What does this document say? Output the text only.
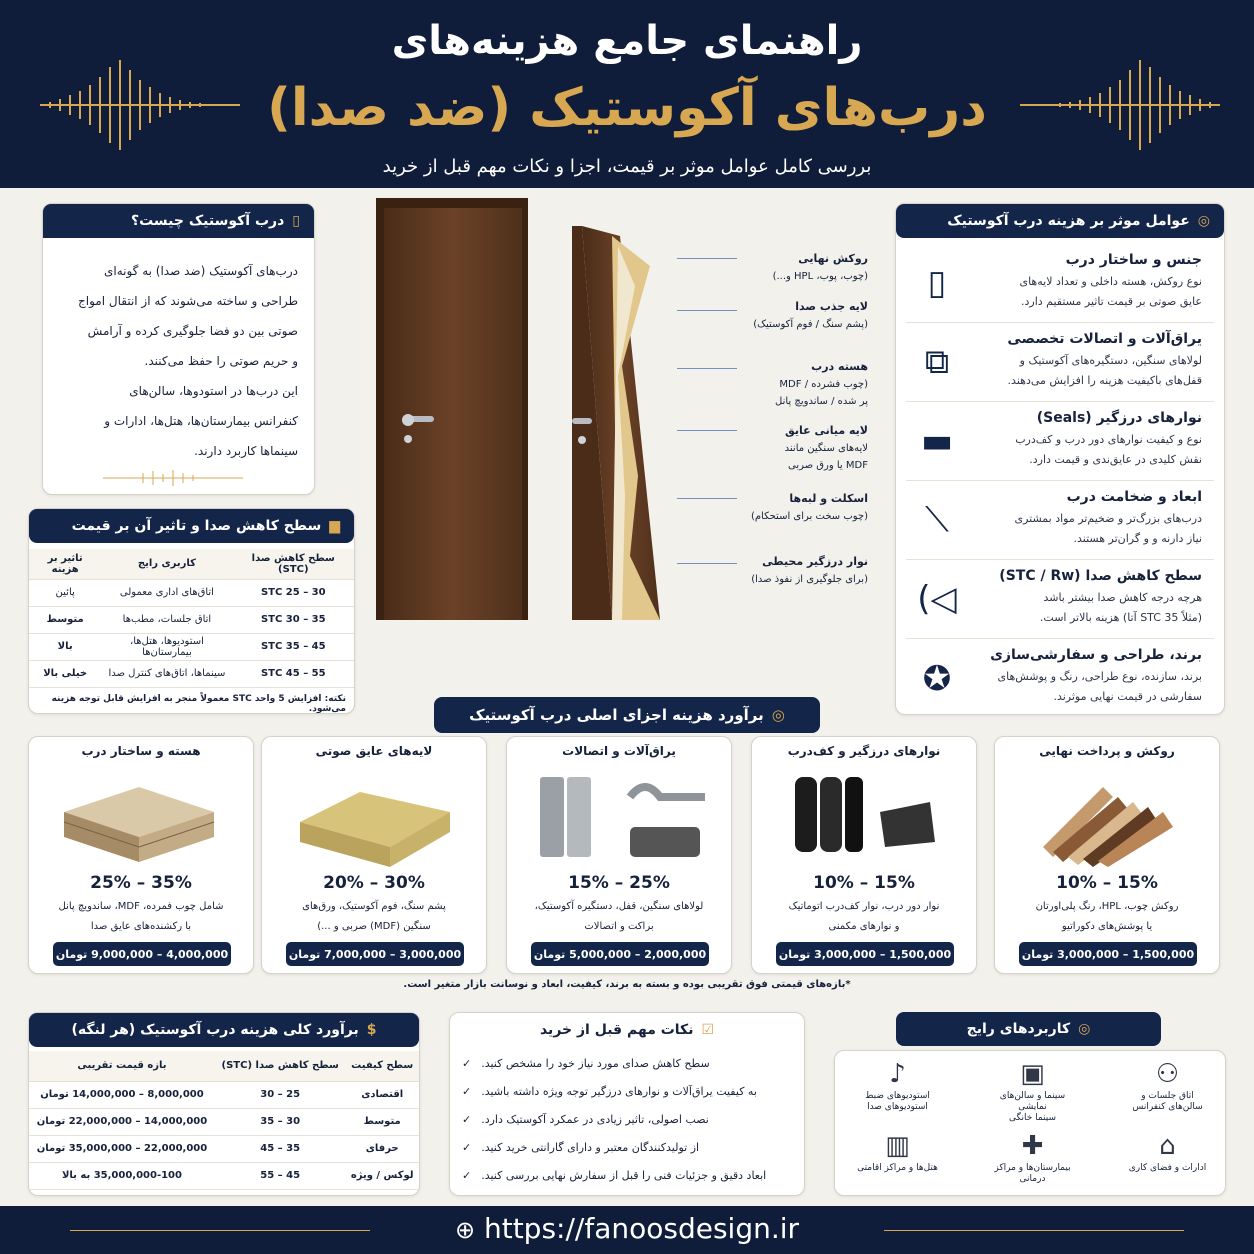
راهنمای جامع هزینه‌های
درب‌های آکوستیک (ضد صدا)
بررسی کامل عوامل موثر بر قیمت، اجزا و نکات مهم قبل از خرید
▯
درب آکوستیک چیست؟
درب‌های آکوستیک (ضد صدا) به گونه‌ای
طراحی و ساخته می‌شوند که از انتقال امواج
صوتی بین دو فضا جلوگیری کرده و آرامش
و حریم صوتی را حفظ می‌کنند.
این درب‌ها در استودوها، سالن‌های
کنفرانس بیمارستان‌ها، هتل‌ها، ادارات و
سینماها کاربرد دارند.
▆
سطح کاهش صدا و تاثیر آن بر قیمت
سطح کاهش صدا (STC)	کاربری رایج	تاثیر بر هزینه
STC 25 – 30	اتاق‌های اداری معمولی	پائین
STC 30 – 35	اتاق جلسات، مطب‌ها	متوسط
STC 35 – 45	استودیوها، هتل‌ها، بیمارستان‌ها	بالا
STC 45 – 55	سینماها، اتاق‌های کنترل صدا	خیلی بالا
نکته: افزایش 5 واحد STC معمولاً منجر به افزایش قابل توجه هزینه می‌شود.
روکش نهایی
(چوب، پوب، HPL و...)
لایه جذب صدا
(پشم سنگ / فوم آکوستیک)
هسته درب
(چوب فشرده / MDF
پر شده / ساندویچ پانل
لایه میانی عایق
لایه‌های سنگین مانند
MDF یا ورق صربی
اسکلت و لبه‌ها
(چوب سخت برای استحکام)
نوار درزگیر محیطی
(برای جلوگیری از نفوذ صدا)
◎
عوامل موثر بر هزینه درب آکوستیک
جنس و ساختار درب

نوع روکش، هسته داخلی و تعداد لایه‌های

عایق صوتی بر قیمت تاثیر مستقیم دارد.

▯
یراق‌آلات و اتصالات تخصصی

لولاهای سنگین، دستگیره‌های آکوستیک و

قفل‌های باکیفیت هزینه را افزایش می‌دهند.

⧉
نوارهای درزگیر (Seals)

نوع و کیفیت نوارهای دور درب و کف‌درب

نقش کلیدی در عایق‌ندی و قیمت دارد.

▬
ابعاد و ضخامت درب

درب‌های بزرگ‌تر و ضخیم‌تر مواد بمشتری

نیاز دارنه و و گران‌تر هستند.

⟋
سطح کاهش صدا (STC / Rw)

هرچه درجه کاهش صدا بیشتر باشد

(مثلاً STC 35 آتا) هزینه بالاتر است.

◁)
برند، طراحی و سفارشی‌سازی

برند، سازنده، نوع طراحی، رنگ و پوشش‌های

سفارشی در قیمت نهایی موثرند.

✪
◎
برآورد هزینه اجزای اصلی درب آکوستیک
روکش و پرداخت نهایی
10% – 15%
روکش چوب، HPL، رنگ پلی‌اورتان
یا پوشش‌های دکوراتیو
1,500,000 – 3,000,000 تومان
نوارهای درزگیر و کف‌درب
10% – 15%
نوار دور درب، نوار کف‌درب اتوماتیک
و نوارهای مکمنی
1,500,000 – 3,000,000 تومان
یراق‌آلات و اتصالات
15% – 25%
لولاهای سنگین، قفل، دستگیره آکوستیک،
براکت و اتصالات
2,000,000 – 5,000,000 تومان
لایه‌های عایق صوتی
20% – 30%
پشم سنگ، فوم آکوستیک، ورق‌های
سنگین (MDF) صربی و ...)
3,000,000 – 7,000,000 تومان
هسته و ساختار درب
25% – 35%
شامل چوب فمرده، MDF، ساندویچ پانل
با رکشنده‌های عایق صدا
4,000,000 – 9,000,000 تومان
*بازه‌های قیمتی فوق تقریبی بوده و بسته به برند، کیفیت، ابعاد و نوسانت بازار متغیر است.
$
برآورد کلی هزینه درب آکوستیک (هر لنگه)
سطح کیفیت	سطح کاهش صدا (STC)	بازه قیمت تقریبی
اقتصادی	25 – 30	8,000,000 – 14,000,000 تومان
متوسط	30 – 35	14,000,000 – 22,000,000 تومان
حرفای	35 – 45	22,000,000 – 35,000,000 تومان
لوکس / ویژه	45 – 55	35,000,000-100 به بالا
☑
نکات مهم قبل از خرید
سطح کاهش صدای مورد نیاز خود را مشخص کنید.
✓
به کیفیت یراق‌آلات و نوارهای درزگیر توجه ویژه داشته باشید.
✓
نصب اصولی، تاثیر زیادی در عمکرد آکوستیک دارد.
✓
از تولیدکنندگان معتبر و دارای گارانتی خرید کنید.
✓
ابعاد دقیق و جزئیات فنی را قبل از سفارش نهایی بررسی کنید.
✓
◎
کاربردهای رایج
⚇
اتاق جلسات و
سالن‌های کنفرانس
▣
سینما و سالن‌های نمایشی
سینما خانگی
♪
استودیوهای ضبط
استودیوهای صدا
⌂
ادارات و فضای کاری
✚
بیمارستان‌ها و مراکز درمانی
▥
هتل‌ها و مراکز اقامتی
⊕ https://fanoosdesign.ir
